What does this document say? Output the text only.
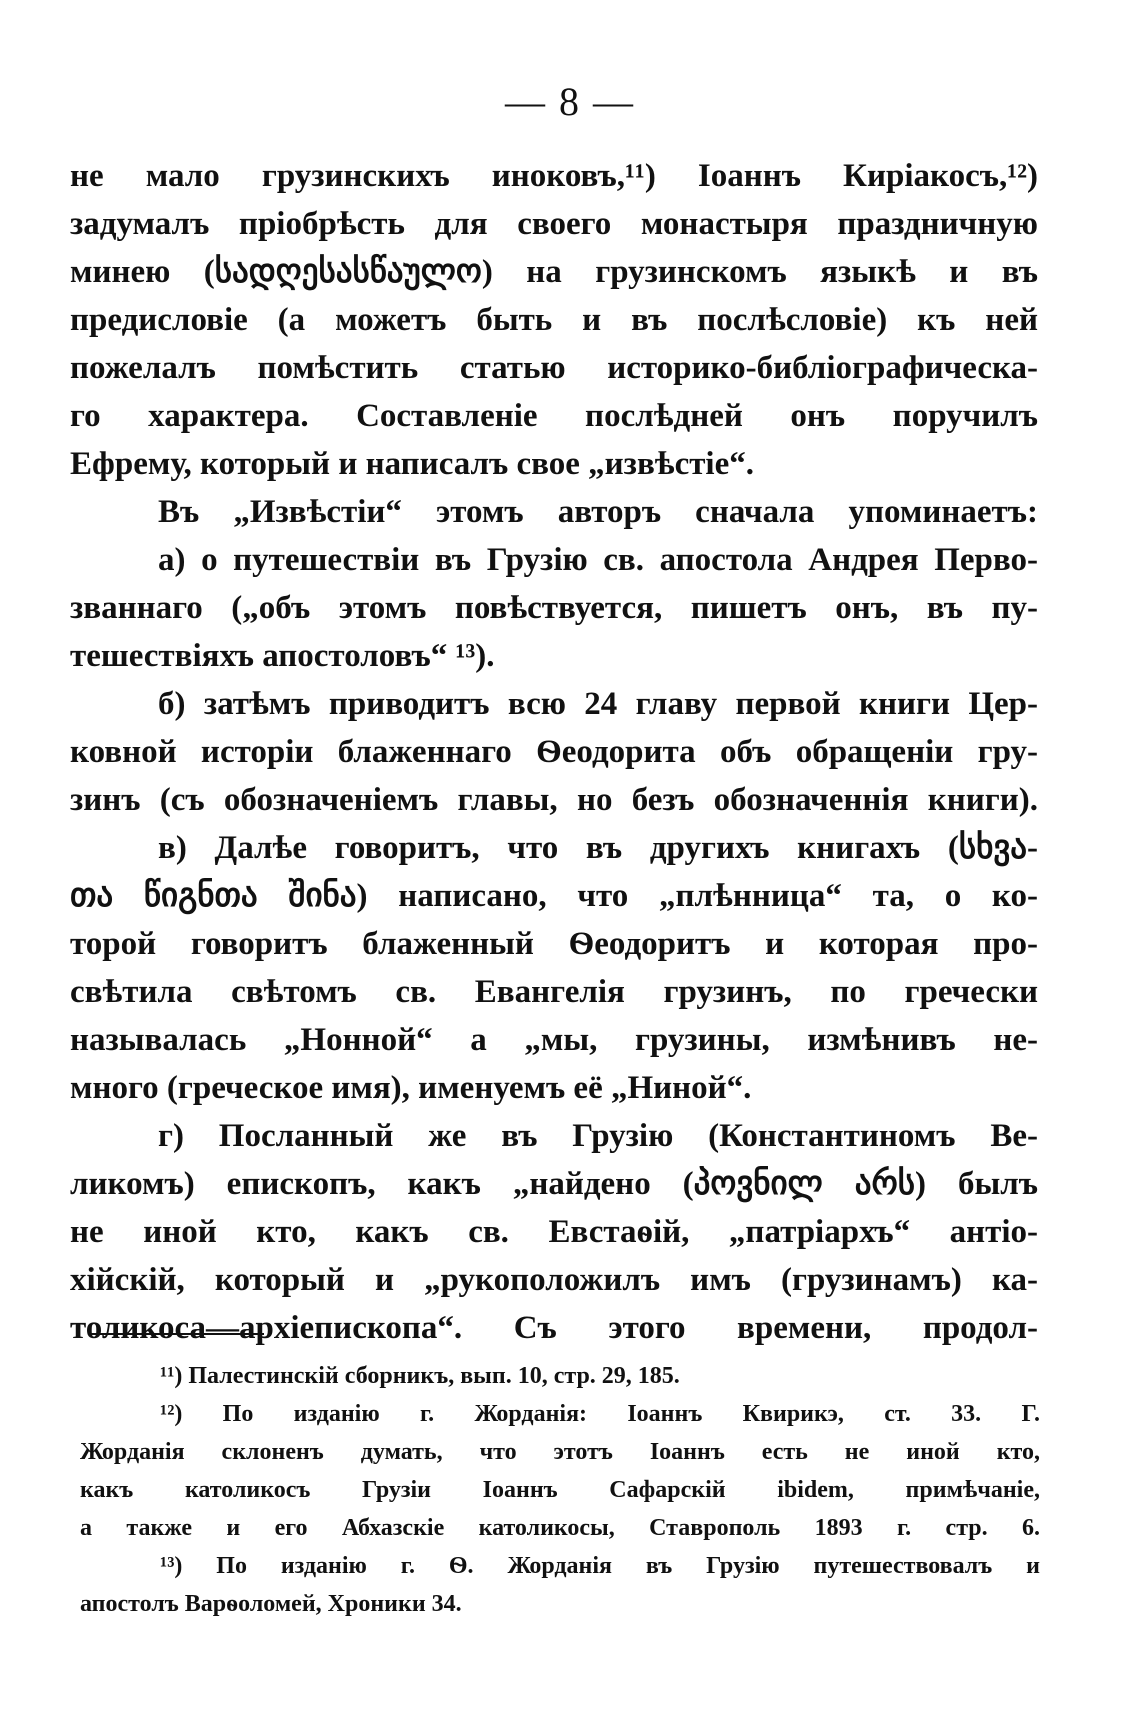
— 8 —
не мало грузинскихъ иноковъ,¹¹) Іоаннъ Киріакосъ,¹²)
задумалъ пріобрѣсть для своего монастыря праздничную
минею (სადღესასწაულო) на грузинскомъ языкѣ и въ
предисловіе (а можетъ быть и въ послѣсловіе) къ ней
пожелалъ помѣстить статью историко-библіографическа-
го характера. Составленіе послѣдней онъ поручилъ
Ефрему, который и написалъ свое „извѣстіе“.
Въ „Извѣстіи“ этомъ авторъ сначала упоминаетъ:
а) о путешествіи въ Грузію св. апостола Андрея Перво-
званнаго („объ этомъ повѣствуется, пишетъ онъ, въ пу-
тешествіяхъ апостоловъ“ ¹³).
б) затѣмъ приводитъ всю 24 главу первой книги Цер-
ковной исторіи блаженнаго Ѳеодорита объ обращеніи гру-
зинъ (съ обозначеніемъ главы, но безъ обозначеннія книги).
в) Далѣе говоритъ, что въ другихъ книгахъ (სხვა-
თა წიგნთა შინა) написано, что „плѣнница“ та, о ко-
торой говоритъ блаженный Ѳеодоритъ и которая про-
свѣтила свѣтомъ св. Евангелія грузинъ, по гречески
называлась „Нонной“ а „мы, грузины, измѣнивъ не-
много (греческое имя), именуемъ её „Ниной“.
г) Посланный же въ Грузію (Константиномъ Ве-
ликомъ) епископъ, какъ „найдено (პოვნილ არს) былъ
не иной кто, какъ св. Евстаѳій, „патріархъ“ антіо-
хійскій, который и „рукоположилъ имъ (грузинамъ) ка-
толикоса—архіепископа“. Съ этого времени, продол-
¹¹) Палестинскій сборникъ, вып. 10, стр. 29, 185.
¹²) По изданію г. Жорданія: Іоаннъ Квирикэ, ст. 33. Г.
Жорданія склоненъ думать, что этотъ Іоаннъ есть не иной кто,
какъ католикосъ Грузіи Іоаннъ Сафарскій ibidem, примѣчаніе,
а также и его Абхазскіе католикосы, Ставрополь 1893 г. стр. 6.
¹³) По изданію г. Ѳ. Жорданія въ Грузію путешествовалъ и
апостолъ Варѳоломей, Хроники 34.
